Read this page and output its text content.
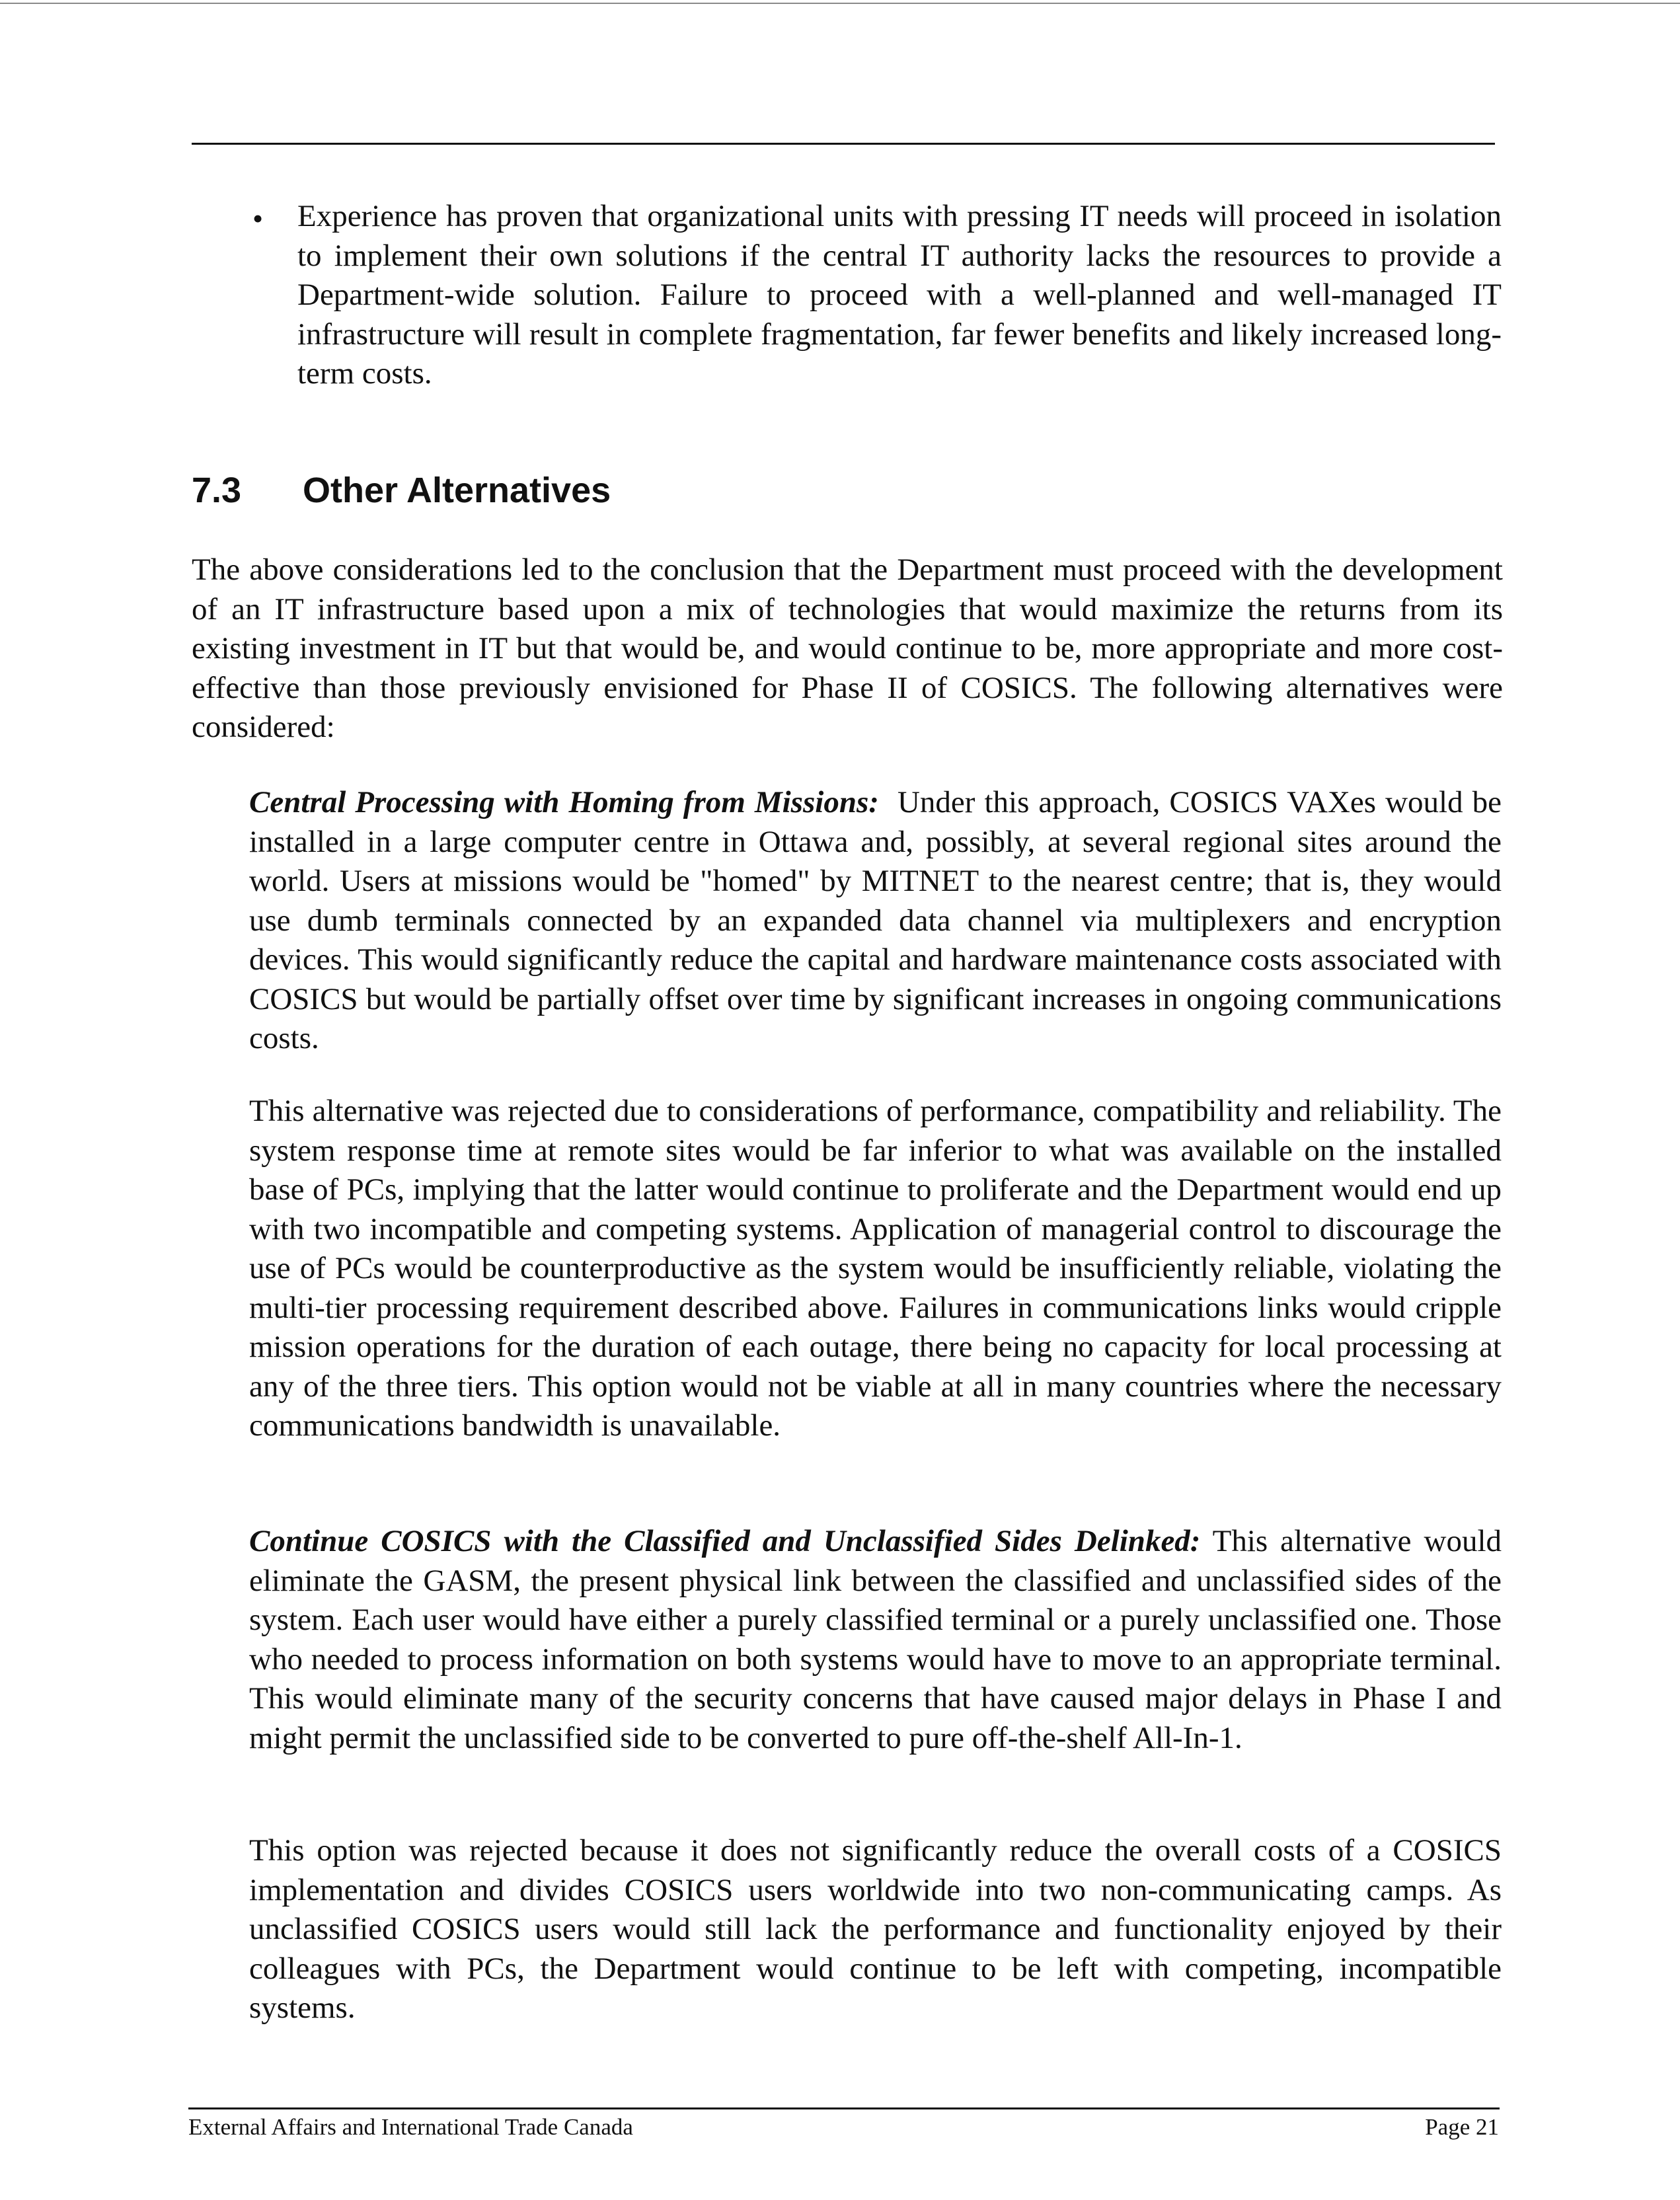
• Experience has proven that organizational units with pressing IT needs will proceed in isolation to implement their own solutions if the central IT authority lacks the resources to provide a Department-wide solution. Failure to proceed with a well-planned and well-managed IT infrastructure will result in complete fragmentation, far fewer benefits and likely increased long-term costs.

7.3 Other Alternatives

The above considerations led to the conclusion that the Department must proceed with the development of an IT infrastructure based upon a mix of technologies that would maximize the returns from its existing investment in IT but that would be, and would continue to be, more appropriate and more cost-effective than those previously envisioned for Phase II of COSICS. The following alternatives were considered:

Central Processing with Homing from Missions: Under this approach, COSICS VAXes would be installed in a large computer centre in Ottawa and, possibly, at several regional sites around the world. Users at missions would be "homed" by MITNET to the nearest centre; that is, they would use dumb terminals connected by an expanded data channel via multiplexers and encryption devices. This would significantly reduce the capital and hardware maintenance costs associated with COSICS but would be partially offset over time by significant increases in ongoing communications costs.

This alternative was rejected due to considerations of performance, compatibility and reliability. The system response time at remote sites would be far inferior to what was available on the installed base of PCs, implying that the latter would continue to proliferate and the Department would end up with two incompatible and competing systems. Application of managerial control to discourage the use of PCs would be counterproductive as the system would be insufficiently reliable, violating the multi-tier processing requirement described above. Failures in communications links would cripple mission operations for the duration of each outage, there being no capacity for local processing at any of the three tiers. This option would not be viable at all in many countries where the necessary communications bandwidth is unavailable.

Continue COSICS with the Classified and Unclassified Sides Delinked: This alternative would eliminate the GASM, the present physical link between the classified and unclassified sides of the system. Each user would have either a purely classified terminal or a purely unclassified one. Those who needed to process information on both systems would have to move to an appropriate terminal. This would eliminate many of the security concerns that have caused major delays in Phase I and might permit the unclassified side to be converted to pure off-the-shelf All-In-1.

This option was rejected because it does not significantly reduce the overall costs of a COSICS implementation and divides COSICS users worldwide into two non-communicating camps. As unclassified COSICS users would still lack the performance and functionality enjoyed by their colleagues with PCs, the Department would continue to be left with competing, incompatible systems.

External Affairs and International Trade Canada	Page 21
